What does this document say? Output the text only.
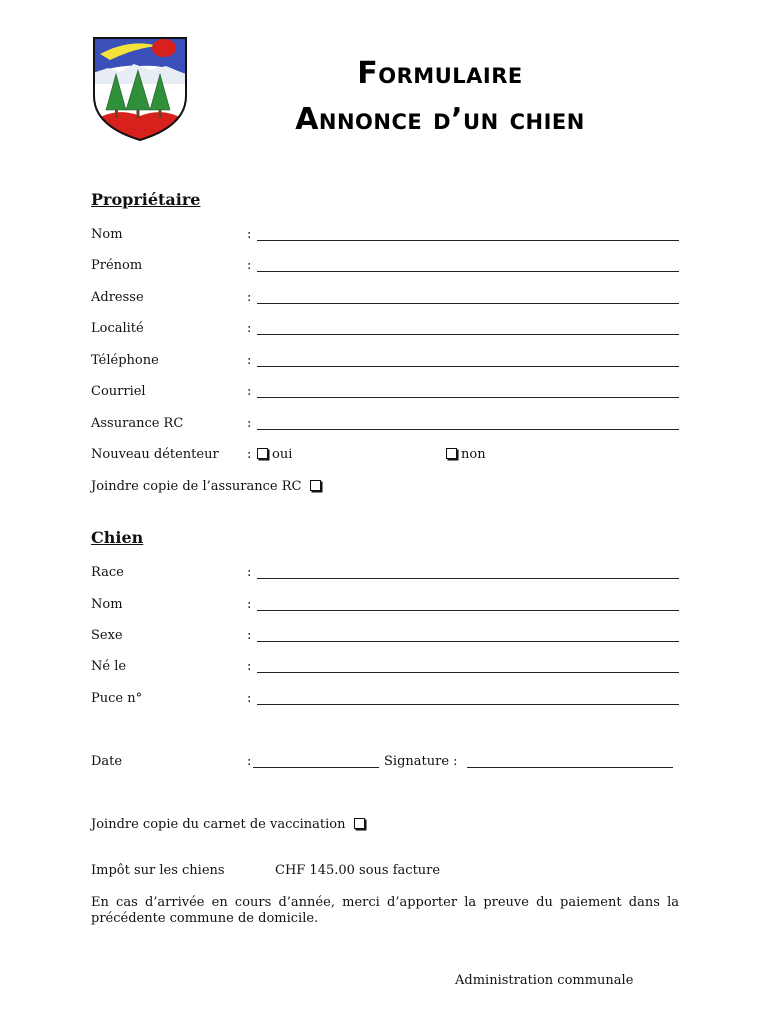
Formulaire
Annonce d’un chien
Propriétaire
Nom	:
Prénom	:
Adresse	:
Localité	:
Téléphone	:
Courriel	:
Assurance RC	:
Nouveau détenteur :	oui	non
Joindre copie de l’assurance RC
Chien
Race	:
Nom	:
Sexe	:
Né le	:
Puce n°	:
Date	:	Signature :
Joindre copie du carnet de vaccination
Impôt sur les chiens	CHF 145.00 sous facture
En cas d’arrivée en cours d’année, merci d’apporter la preuve du paiement dans la précédente commune de domicile.
Administration communale
